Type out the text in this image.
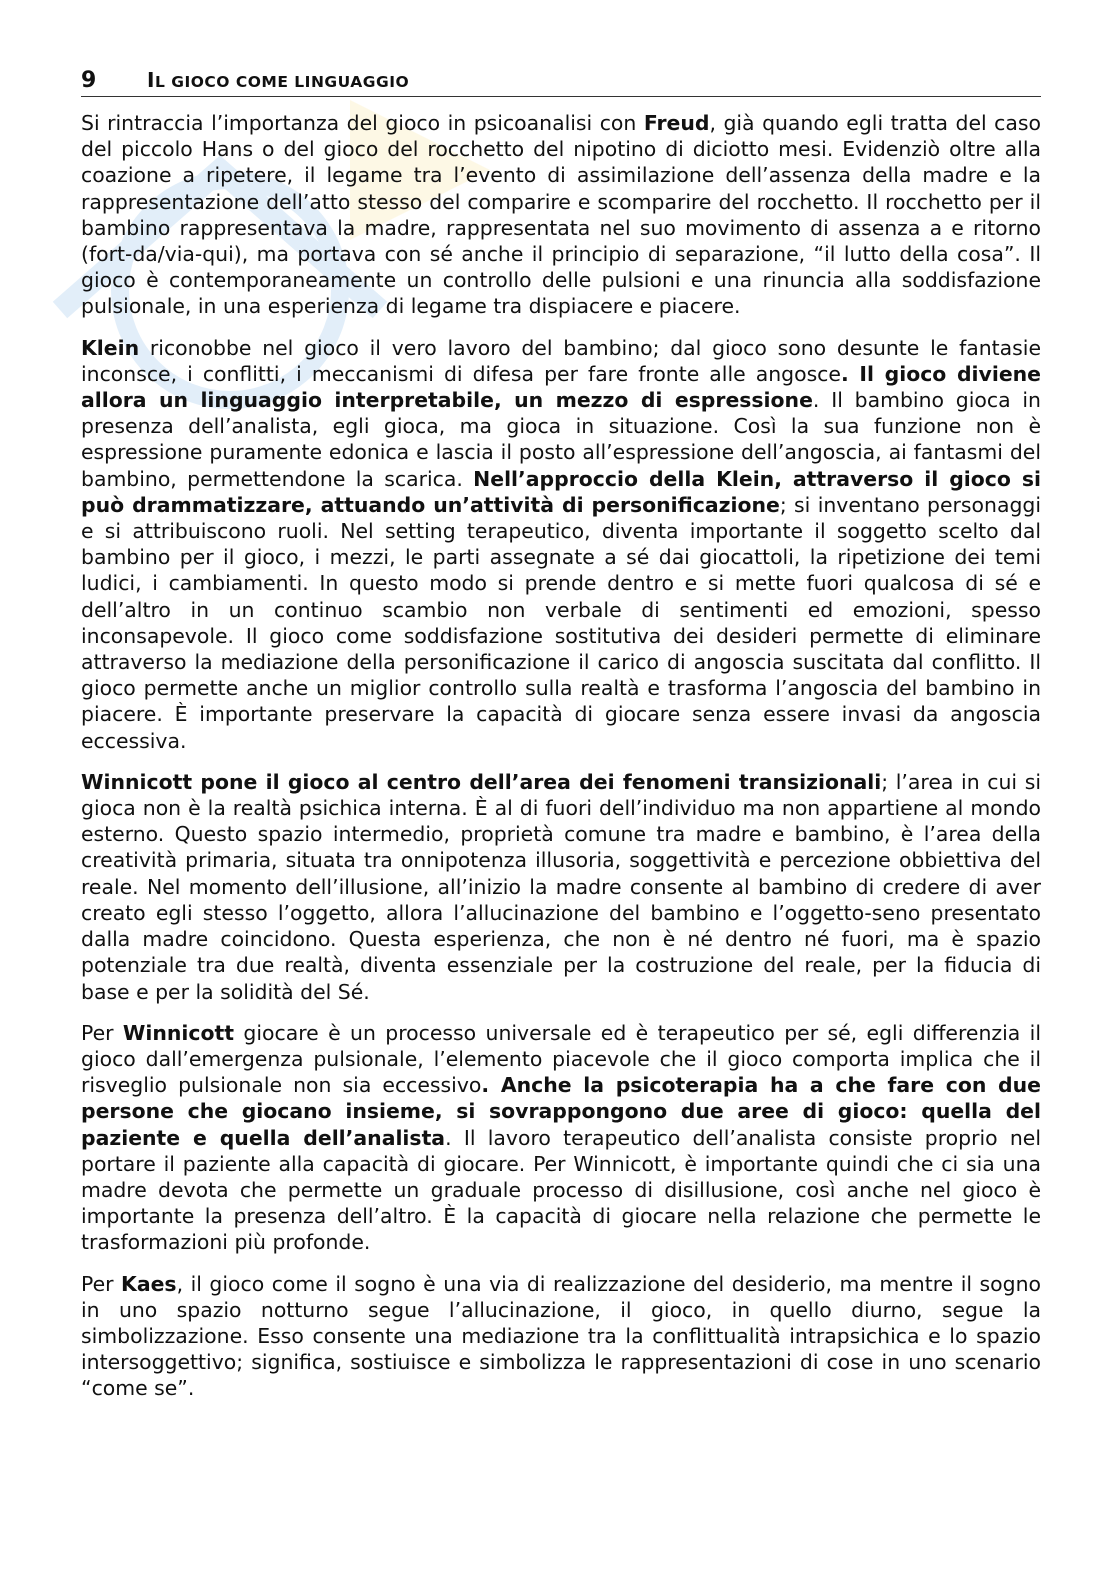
9	IL GIOCO COME LINGUAGGIO

Si rintraccia l’importanza del gioco in psicoanalisi con Freud, già quando egli tratta del caso del piccolo Hans o del gioco del rocchetto del nipotino di diciotto mesi. Evidenziò oltre alla coazione a ripetere, il legame tra l’evento di assimilazione dell’assenza della madre e la rappresentazione dell’atto stesso del comparire e scomparire del rocchetto. Il rocchetto per il bambino rappresentava la madre, rappresentata nel suo movimento di assenza a e ritorno (fort-da/via-qui), ma portava con sé anche il principio di separazione, “il lutto della cosa”. Il gioco è contemporaneamente un controllo delle pulsioni e una rinuncia alla soddisfazione pulsionale, in una esperienza di legame tra dispiacere e piacere.

Klein riconobbe nel gioco il vero lavoro del bambino; dal gioco sono desunte le fantasie inconsce, i conflitti, i meccanismi di difesa per fare fronte alle angosce. Il gioco diviene allora un linguaggio interpretabile, un mezzo di espressione. Il bambino gioca in presenza dell’analista, egli gioca, ma gioca in situazione. Così la sua funzione non è espressione puramente edonica e lascia il posto all’espressione dell’angoscia, ai fantasmi del bambino, permettendone la scarica. Nell’approccio della Klein, attraverso il gioco si può drammatizzare, attuando un’attività di personificazione; si inventano personaggi e si attribuiscono ruoli. Nel setting terapeutico, diventa importante il soggetto scelto dal bambino per il gioco, i mezzi, le parti assegnate a sé dai giocattoli, la ripetizione dei temi ludici, i cambiamenti. In questo modo si prende dentro e si mette fuori qualcosa di sé e dell’altro in un continuo scambio non verbale di sentimenti ed emozioni, spesso inconsapevole. Il gioco come soddisfazione sostitutiva dei desideri permette di eliminare attraverso la mediazione della personificazione il carico di angoscia suscitata dal conflitto. Il gioco permette anche un miglior controllo sulla realtà e trasforma l’angoscia del bambino in piacere. È importante preservare la capacità di giocare senza essere invasi da angoscia eccessiva.

Winnicott pone il gioco al centro dell’area dei fenomeni transizionali; l’area in cui si gioca non è la realtà psichica interna. È al di fuori dell’individuo ma non appartiene al mondo esterno. Questo spazio intermedio, proprietà comune tra madre e bambino, è l’area della creatività primaria, situata tra onnipotenza illusoria, soggettività e percezione obbiettiva del reale. Nel momento dell’illusione, all’inizio la madre consente al bambino di credere di aver creato egli stesso l’oggetto, allora l’allucinazione del bambino e l’oggetto-seno presentato dalla madre coincidono. Questa esperienza, che non è né dentro né fuori, ma è spazio potenziale tra due realtà, diventa essenziale per la costruzione del reale, per la fiducia di base e per la solidità del Sé.

Per Winnicott giocare è un processo universale ed è terapeutico per sé, egli differenzia il gioco dall’emergenza pulsionale, l’elemento piacevole che il gioco comporta implica che il risveglio pulsionale non sia eccessivo. Anche la psicoterapia ha a che fare con due persone che giocano insieme, si sovrappongono due aree di gioco: quella del paziente e quella dell’analista. Il lavoro terapeutico dell’analista consiste proprio nel portare il paziente alla capacità di giocare. Per Winnicott, è importante quindi che ci sia una madre devota che permette un graduale processo di disillusione, così anche nel gioco è importante la presenza dell’altro. È la capacità di giocare nella relazione che permette le trasformazioni più profonde.

Per Kaes, il gioco come il sogno è una via di realizzazione del desiderio, ma mentre il sogno in uno spazio notturno segue l’allucinazione, il gioco, in quello diurno, segue la simbolizzazione. Esso consente una mediazione tra la conflittualità intrapsichica e lo spazio intersoggettivo; significa, sostiuisce e simbolizza le rappresentazioni di cose in uno scenario “come se”.
